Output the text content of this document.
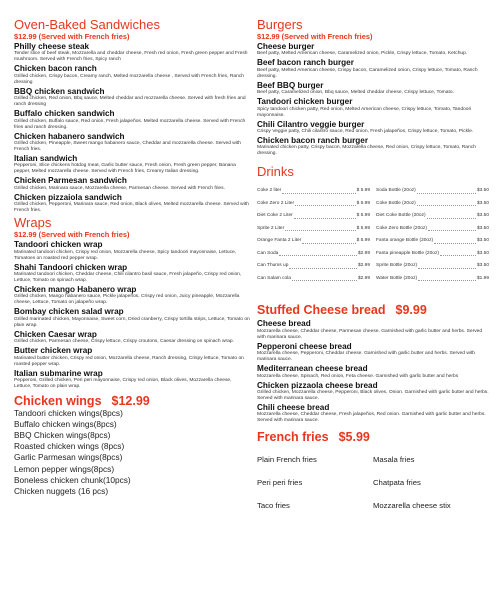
Oven-Baked Sandwiches
$12.99 (Served with French fries)
Philly cheese steak
Tender slice of beef steak, Mozzarella and cheddar cheese, Fresh red onion, Fresh green pepper and Fresh mushroom. Served with French fries, Spicy ranch
Chicken bacon ranch
Grilled chicken, Crispy bacon, Creamy ranch, Melted mozzarella cheese , Served with French fries, Ranch dressing
BBQ chicken sandwich
Grilled chicken, Red onion, Bbq sauce, Melted cheddar and mozzarella cheese. Served with fresh fries and ranch dressing
Buffalo chicken sandwich
Grilled chicken, Buffalo sauce, Red onion, Fresh jalapeños. Melted mozzarella cheese. Served with French fries and ranch dressing.
Chicken habanero sandwich
Grilled chicken, Pineapple, Sweet mango habanero sauce, Cheddar and mozzarella cheese. Served with French fries.
Italian sandwich
Pepperoni, Slice chickens hotdog meat, Garlic butter sauce, Fresh onion, Fresh green pepper, Banana pepper, Melted mozzarella cheese. Served with French fries, Creamy Italian dressing.
Chicken Parmesan sandwich
Grilled chicken, Marinara sauce, Mozzarella cheese, Parmesan cheese. Served with French fries.
Chicken pizzaiola sandwich
Grilled chicken, Pepperoni, Marinara sauce, Red onion, Black olives, Melted mozzarella cheese. Served with French fries.
Wraps
$12.99 (Served with French fries)
Tandoori chicken wrap
Marinated tandoori chicken, Crispy red onion, Mozzarella cheese, Spicy tandoori mayonnaise, Lettuce, Tomatoes on roasted red pepper wrap.
Shahi Tandoori chicken wrap
Marinated tandoori chicken, Cheddar cheese, Chili cilantro basil sauce, Fresh jalapeño, Crispy red onion, Lettuce, Tomato on spinach wrap.
Chicken mango Habanero wrap
Grilled chicken, Mango habanero sauce, Pickle jalapeños, Crispy red onion, Juicy pineapple, Mozzarella cheese, Lettuce, Tomato on jalapeño wrap.
Bombay chicken salad wrap
Grilled marinated chicken, Mayonnaise, Sweet corn, Dried cranberry, Crispy tortilla strips, Lettuce, Tomato on plain wrap.
Chicken Caesar wrap
Grilled chicken, Parmesan cheese, Crispy lettuce, Crispy croutons, Caesar dressing on spinach wrap.
Butter chicken wrap
Marinated butter chicken, Crispy red onion, Mozzarella cheese, Ranch dressing, Crispy lettuce, Tomato on roasted pepper wrap.
Italian submarine wrap
Pepperoni, Grilled chicken, Peri peri mayonnaise, Crispy red onion, Black olives, Mozzarella cheese, Lettuce, Tomato on plain wrap.
Chicken wings $12.99
Tandoori chicken wings(8pcs)
Buffalo chicken wings(8pcs)
BBQ Chicken wings(8pcs)
Roasted chicken wings (8pcs)
Garlic Parmesan wings(8pcs)
Lemon pepper wings(8pcs)
Boneless chicken chunk(10pcs)
Chicken nuggets (16 pcs)
Burgers
$12.99 (Served with French fries)
Cheese burger
Beef patty, Melted American cheese, Caramelized onion, Pickle, Crispy lettuce, Tomato, Ketchup.
Beef bacon ranch burger
Beef patty, Melted American cheese, Crispy bacon, Caramelized onion, Crispy lettuce, Tomato, Ranch dressing.
Beef BBQ burger
Beef patty, Caramelized onion, Bbq sauce, Melted cheddar cheese, Crispy lettuce, Tomato.
Tandoori chicken burger
Spicy tandoori chicken patty, Red onion, Melted American cheese, Crispy lettuce, Tomato, Tandoori mayonnaise.
Chili Cilantro veggie burger
Crispy Veggie patty, Chili cilantro sauce, Red onion, Fresh jalapeños, Crispy lettuce, Tomato, Pickle.
Chicken bacon ranch burger
Marinated chicken patty, Crispy bacon, Mozzarella cheese, Red onion, Crispy lettuce, Tomato, Ranch dressing.
Drinks
Coke 2 liter	$ 5.99
Coke Zero 2 Liter	$ 5.99
Diet Coke 2 Liter	$ 5.99
Sprite 2 Liter	$ 5.99
Orange Fanta 2 Liter	$ 5.99
Can Soda	$2.99
Can Thums up	$2.99
Can Salam cola	$2.99
Soda Bottle (20oz)	$3.50
Coke Bottle (20oz)	$3.50
Diet Coke Bottle (20oz)	$3.50
Coke Zero Bottle (20oz)	$3.50
Fanta orange Bottle (20oz)	$3.50
Fanta pineapple Bottle (20oz)	$3.50
Sprite Bottle (20oz)	$3.50
Water Bottle (20oz)	$1.99
Stuffed Cheese bread $9.99
Cheese bread
Mozzarella cheese, Cheddar cheese, Parmesan cheese. Garnished with garlic butter and herbs. Served with marinara sauce.
Pepperoni cheese bread
Mozzarella cheese, Pepperoni, Cheddar cheese. Garnished with garlic butter and herbs. Served with marinara sauce.
Mediterranean cheese bread
Mozzarella cheese, Spinach, Red onion, Feta cheese. Garnished with garlic butter and herbs
Chicken pizzaola cheese bread
Grilled chicken, Mozzarella cheese, Pepperoni, Black olives, Onion. Garnished with garlic butter and herbs. Served with marinara sauce.
Chili cheese bread
Mozzarella cheese, Cheddar cheese, Fresh jalapeños, Red onion. Garnished with garlic butter and herbs. Served with marinara sauce.
French fries $5.99
Plain French fries	Masala fries
Peri peri fries	Chatpata fries
Taco fries	Mozzarella cheese stix
